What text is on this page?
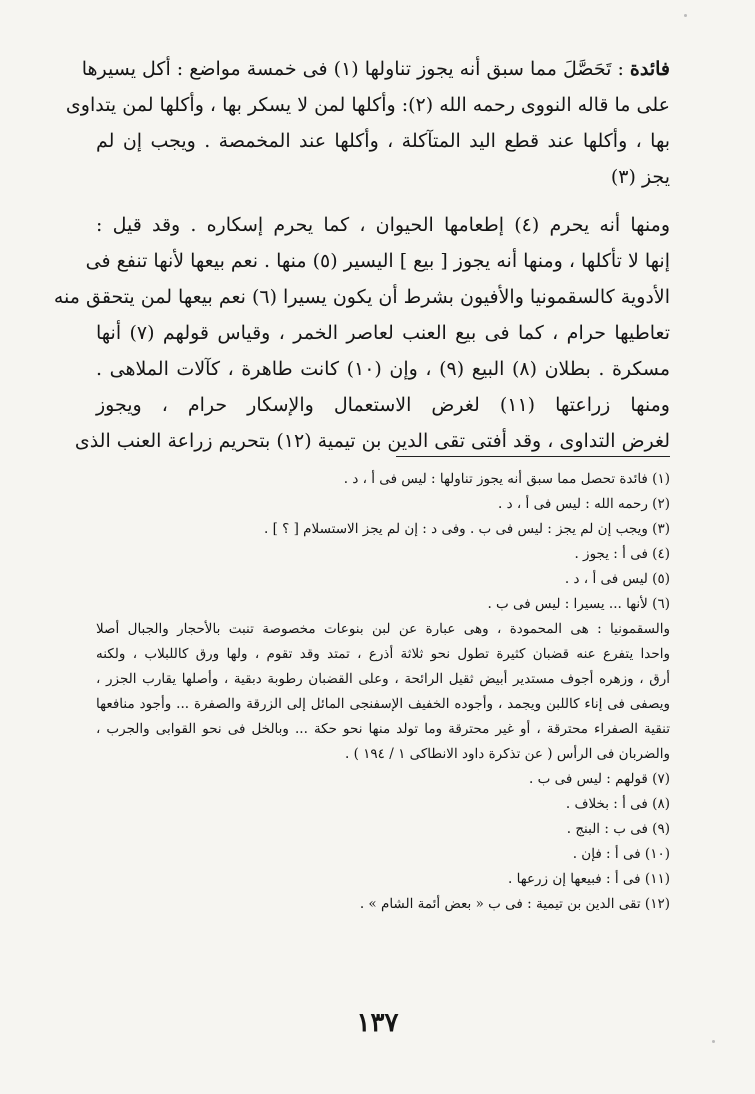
فائدة : تَحَصَّلَ مما سبق أنه يجوز تناولها (١) فى خمسة مواضع : أكل يسيرها
على ما قاله النووى رحمه الله (٢): وأكلها لمن لا يسكر بها ، وأكلها لمن يتداوى
بها ، وأكلها عند قطع اليد المتآكلة ، وأكلها عند المخمصة . ويجب إن لم
يجز (٣)
ومنها أنه يحرم (٤) إطعامها الحيوان ، كما يحرم إسكاره . وقد قيل :
إنها لا تأكلها ، ومنها أنه يجوز [ بيع ] اليسير (٥) منها . نعم بيعها لأنها تنفع فى
الأدوية كالسقمونيا والأفيون بشرط أن يكون يسيرا (٦) نعم بيعها لمن يتحقق منه
تعاطيها حرام ، كما فى بيع العنب لعاصر الخمر ، وقياس قولهم (٧) أنها
مسكرة . بطلان (٨) البيع (٩) ، وإن (١٠) كانت طاهرة ، كآلات الملاهى .
ومنها زراعتها (١١) لغرض الاستعمال والإسكار حرام ، ويجوز
لغرض التداوى ، وقد أفتى تقى الدين بن تيمية (١٢) بتحريم زراعة العنب الذى
(١) فائدة تحصل مما سبق أنه يجوز تناولها : ليس فى أ ، د .
(٢) رحمه الله : ليس فى أ ، د .
(٣) ويجب إن لم يجز : ليس فى ب . وفى د : إن لم يجز الاستسلام [ ؟ ] .
(٤) فى أ : يجوز .
(٥) ليس فى أ ، د .
(٦) لأنها ... يسيرا : ليس فى ب .
والسقمونيا : هى المحمودة ، وهى عبارة عن لبن بنوعات مخصوصة تنبت بالأحجار والجبال أصلا
واحدا يتفرع عنه قضبان كثيرة تطول نحو ثلاثة أذرع ، تمتد وقد تقوم ، ولها ورق كاللبلاب ، ولكنه
أرق ، وزهره أجوف مستدير أبيض ثقيل الرائحة ، وعلى القضبان رطوبة دبقية ، وأصلها يقارب الجزر ،
ويصفى فى إناء كاللبن ويجمد ، وأجوده الخفيف الإسفنجى المائل إلى الزرقة والصفرة ... وأجود منافعها
تنقية الصفراء محترقة ، أو غير محترقة وما تولد منها نحو حكة ... وبالخل فى نحو القوابى والجرب ،
والضربان فى الرأس ( عن تذكرة داود الانطاكى ١ / ١٩٤ ) .
(٧) قولهم : ليس فى ب .
(٨) فى أ : بخلاف .
(٩) فى ب : البنج .
(١٠) فى أ : فإن .
(١١) فى أ : فبيعها إن زرعها .
(١٢) تقى الدين بن تيمية : فى ب « بعض أئمة الشام » .
١٣٧
